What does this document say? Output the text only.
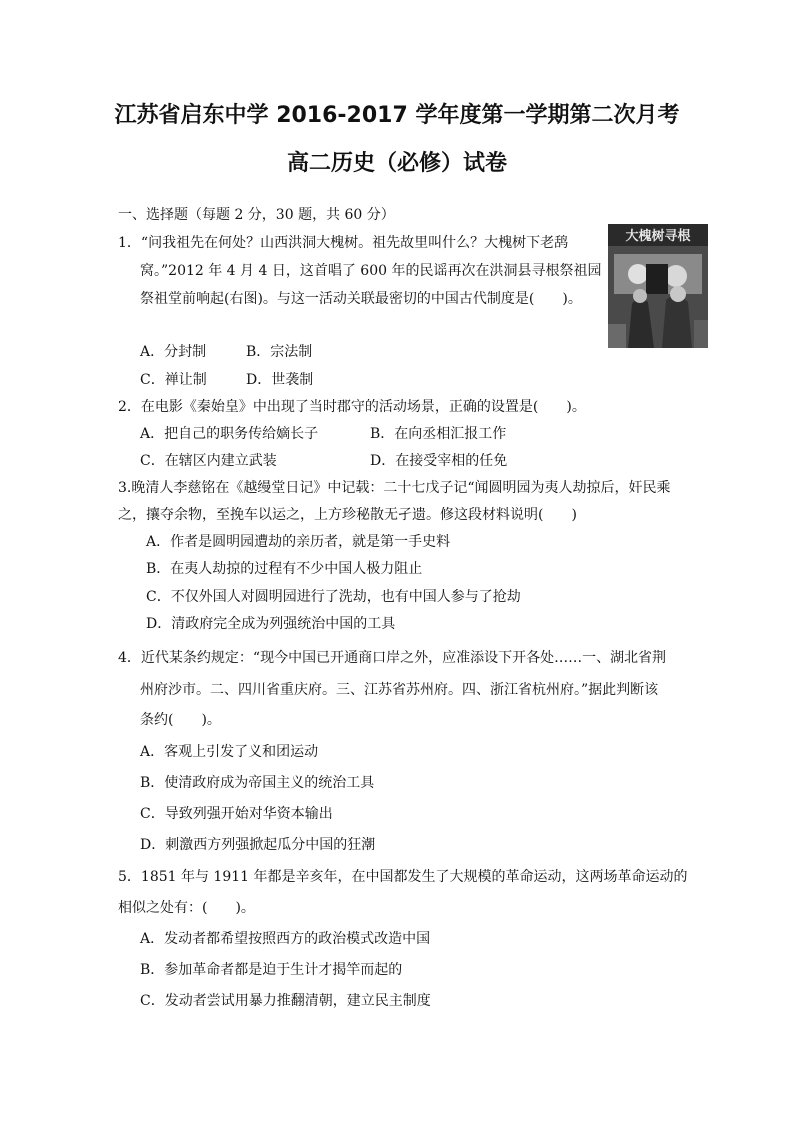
江苏省启东中学 2016-2017 学年度第一学期第二次月考
高二历史（必修）试卷
一、选择题（每题 2 分，30 题，共 60 分）
1．“问我祖先在何处？山西洪洞大槐树。祖先故里叫什么？大槐树下老鸹
窝。”2012 年 4 月 4 日，这首唱了 600 年的民谣再次在洪洞县寻根祭祖园
祭祖堂前响起(右图)。与这一活动关联最密切的中国古代制度是(　　)。
大槐树寻根
A．分封制	B．宗法制
C．禅让制	D．世袭制
2．在电影《秦始皇》中出现了当时郡守的活动场景，正确的设置是(　　)。
A．把自己的职务传给嫡长子	B．在向丞相汇报工作
C．在辖区内建立武装	D．在接受宰相的任免
3.晚清人李慈铭在《越缦堂日记》中记载：二十七戊子记“闻圆明园为夷人劫掠后，奸民乘
之，攘夺余物，至挽车以运之，上方珍秘散无孑遗。修这段材料说明(　　)
A．作者是圆明园遭劫的亲历者，就是第一手史料
B．在夷人劫掠的过程有不少中国人极力阻止
C．不仅外国人对圆明园进行了洗劫，也有中国人参与了抢劫
D．清政府完全成为列强统治中国的工具
4．近代某条约规定：“现今中国已开通商口岸之外，应准添设下开各处……一、湖北省荆
州府沙市。二、四川省重庆府。三、江苏省苏州府。四、浙江省杭州府。”据此判断该
条约(　　)。
A．客观上引发了义和团运动
B．使清政府成为帝国主义的统治工具
C．导致列强开始对华资本输出
D．刺激西方列强掀起瓜分中国的狂潮
5．1851 年与 1911 年都是辛亥年，在中国都发生了大规模的革命运动，这两场革命运动的
相似之处有：(　　)。
A．发动者都希望按照西方的政治模式改造中国
B．参加革命者都是迫于生计才揭竿而起的
C．发动者尝试用暴力推翻清朝，建立民主制度
